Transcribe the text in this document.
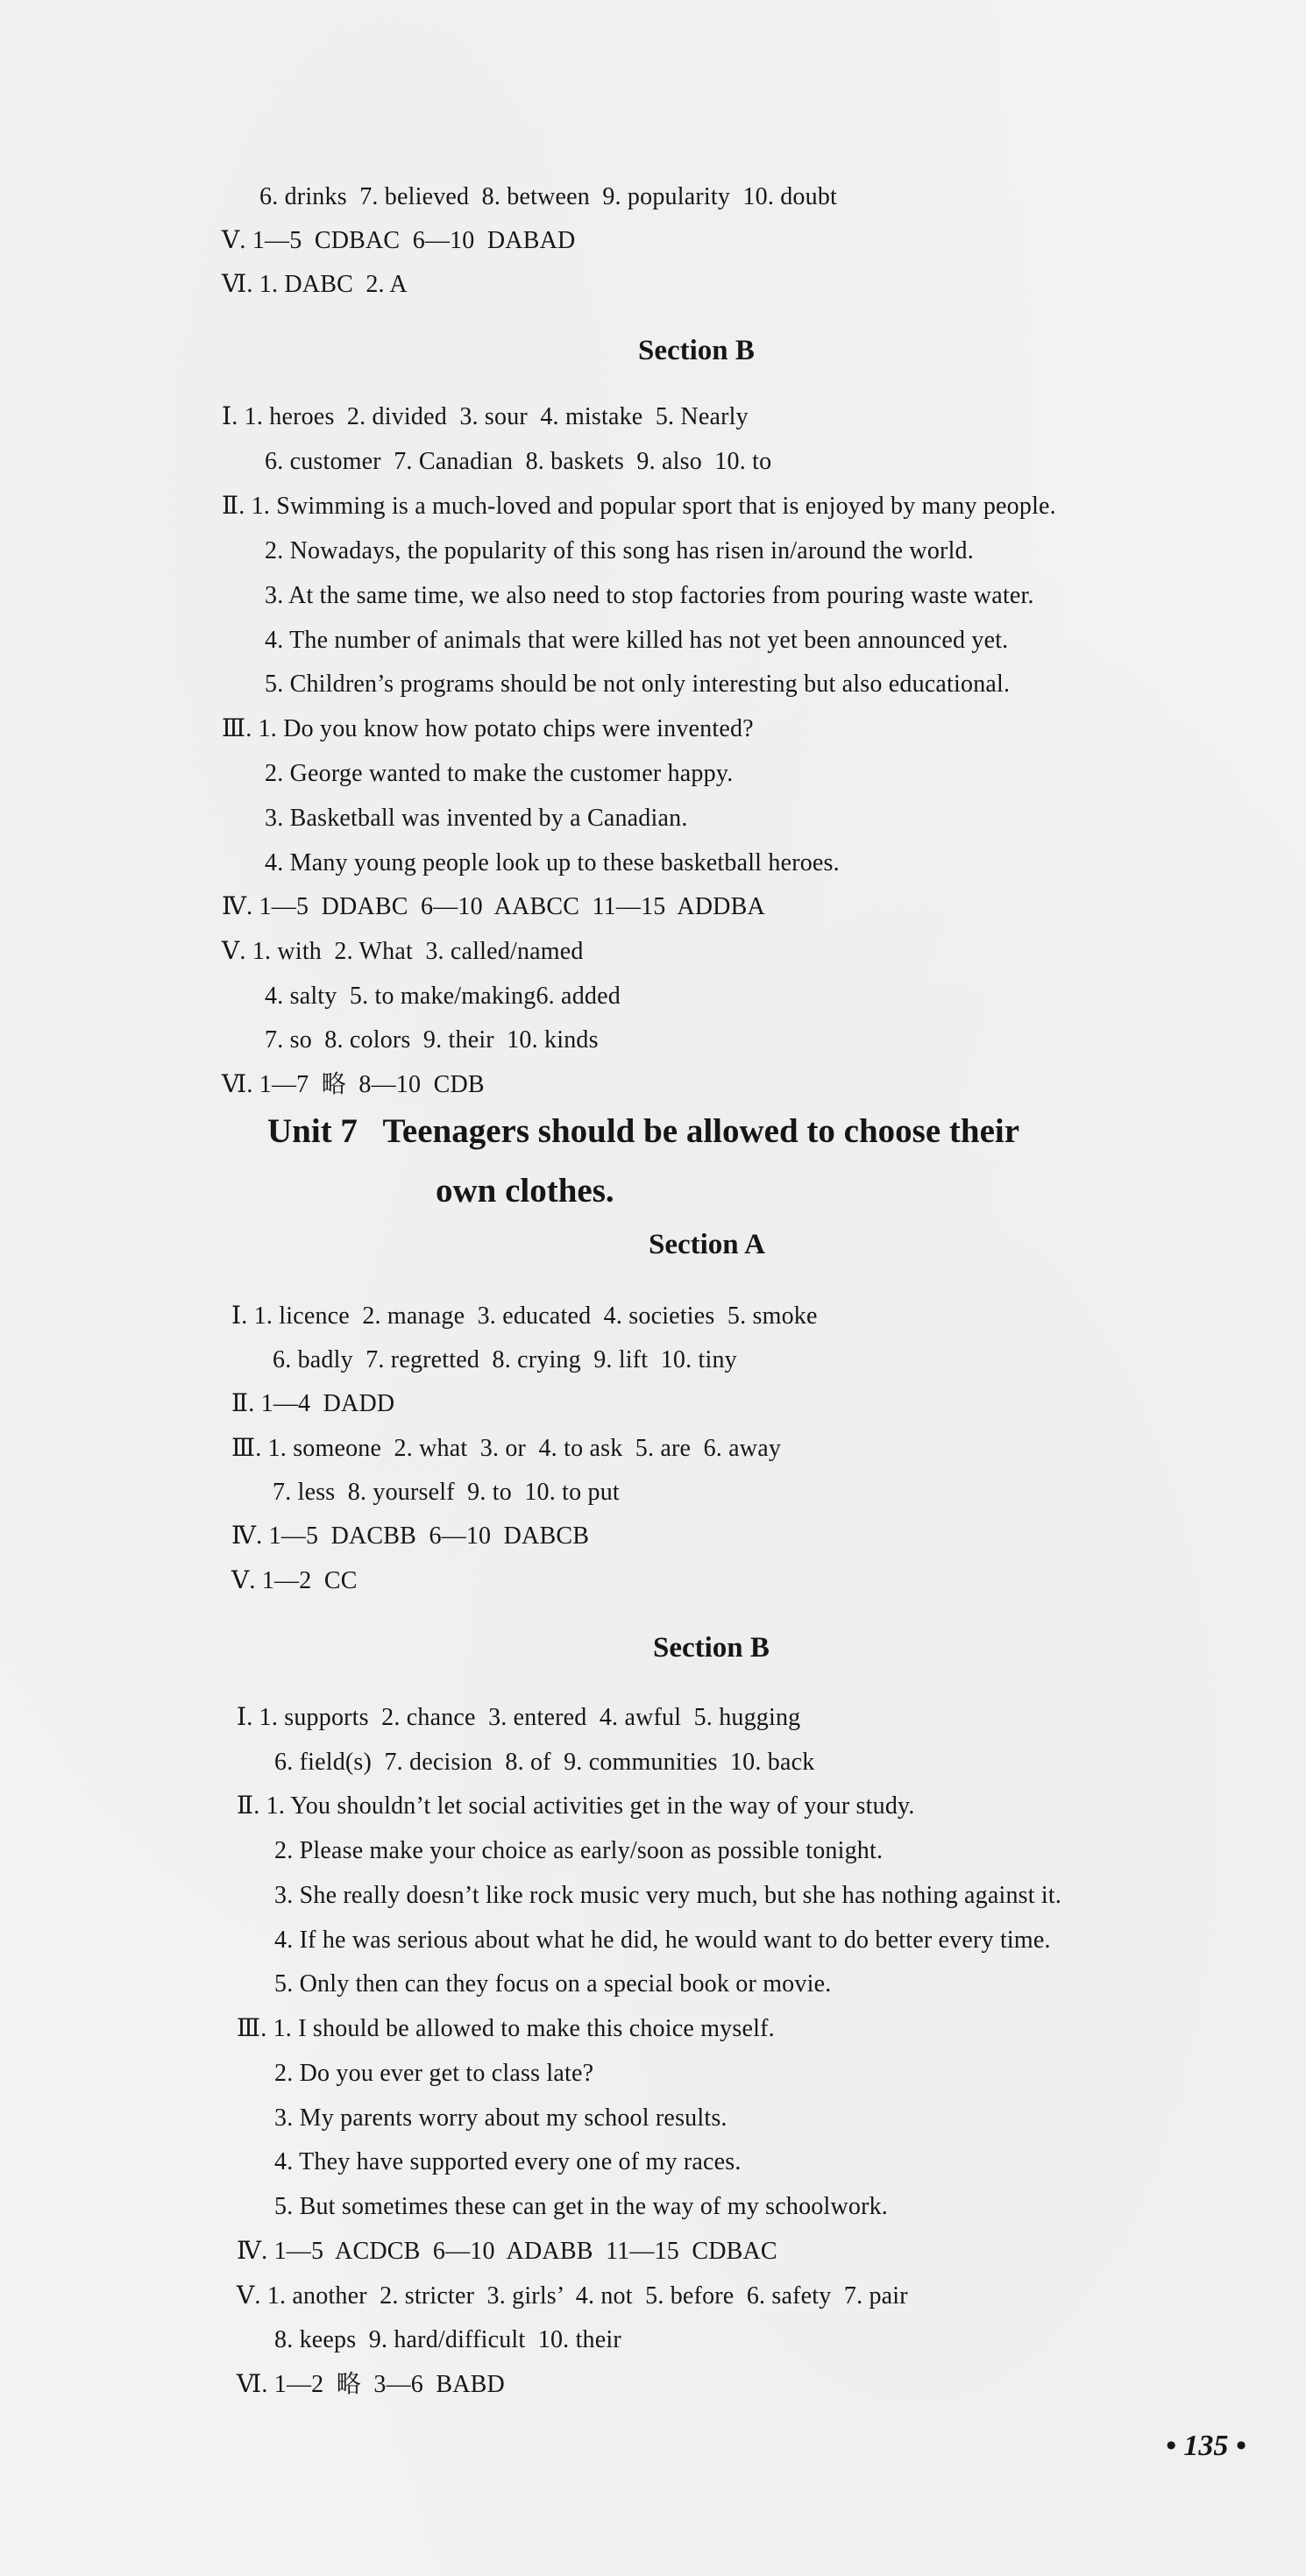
6. drinks  7. believed  8. between  9. popularity  10. doubt
Ⅴ. 1—5  CDBAC  6—10  DABAD
Ⅵ. 1. DABC  2. A
Section B
Ⅰ. 1. heroes  2. divided  3. sour  4. mistake  5. Nearly
6. customer  7. Canadian  8. baskets  9. also  10. to
Ⅱ. 1. Swimming is a much-loved and popular sport that is enjoyed by many people.
2. Nowadays, the popularity of this song has risen in/around the world.
3. At the same time, we also need to stop factories from pouring waste water.
4. The number of animals that were killed has not yet been announced yet.
5. Children’s programs should be not only interesting but also educational.
Ⅲ. 1. Do you know how potato chips were invented?
2. George wanted to make the customer happy.
3. Basketball was invented by a Canadian.
4. Many young people look up to these basketball heroes.
Ⅳ. 1—5  DDABC  6—10  AABCC  11—15  ADDBA
Ⅴ. 1. with  2. What  3. called/named
4. salty  5. to make/making6. added
7. so  8. colors  9. their  10. kinds
Ⅵ. 1—7  略  8—10  CDB
Unit 7   Teenagers should be allowed to choose their
own clothes.
Section A
Ⅰ. 1. licence  2. manage  3. educated  4. societies  5. smoke
6. badly  7. regretted  8. crying  9. lift  10. tiny
Ⅱ. 1—4  DADD
Ⅲ. 1. someone  2. what  3. or  4. to ask  5. are  6. away
7. less  8. yourself  9. to  10. to put
Ⅳ. 1—5  DACBB  6—10  DABCB
Ⅴ. 1—2  CC
Section B
Ⅰ. 1. supports  2. chance  3. entered  4. awful  5. hugging
6. field(s)  7. decision  8. of  9. communities  10. back
Ⅱ. 1. You shouldn’t let social activities get in the way of your study.
2. Please make your choice as early/soon as possible tonight.
3. She really doesn’t like rock music very much, but she has nothing against it.
4. If he was serious about what he did, he would want to do better every time.
5. Only then can they focus on a special book or movie.
Ⅲ. 1. I should be allowed to make this choice myself.
2. Do you ever get to class late?
3. My parents worry about my school results.
4. They have supported every one of my races.
5. But sometimes these can get in the way of my schoolwork.
Ⅳ. 1—5  ACDCB  6—10  ADABB  11—15  CDBAC
Ⅴ. 1. another  2. stricter  3. girls’  4. not  5. before  6. safety  7. pair
8. keeps  9. hard/difficult  10. their
Ⅵ. 1—2  略  3—6  BABD
• 135 •
